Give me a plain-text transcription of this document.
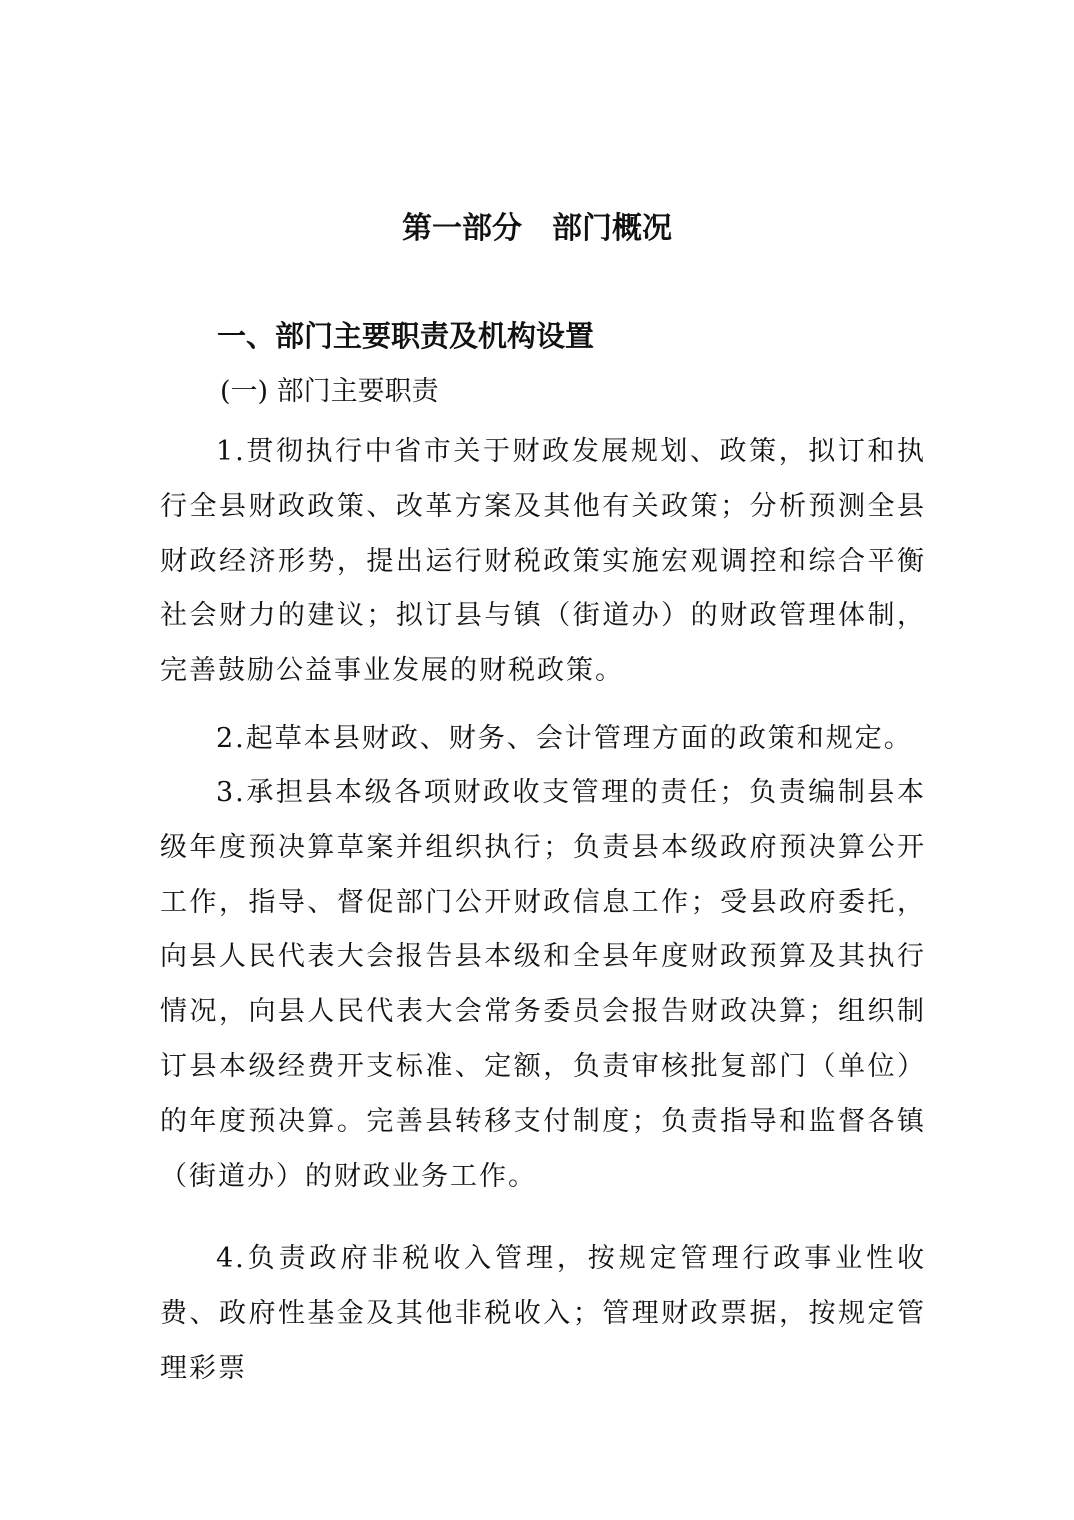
第一部分　部门概况
一、部门主要职责及机构设置
(一) 部门主要职责

1.贯彻执行中省市关于财政发展规划、政策，拟订和执行全县财政政策、改革方案及其他有关政策；分析预测全县财政经济形势，提出运行财税政策实施宏观调控和综合平衡社会财力的建议；拟订县与镇（街道办）的财政管理体制，完善鼓励公益事业发展的财税政策。

2.起草本县财政、财务、会计管理方面的政策和规定。

3.承担县本级各项财政收支管理的责任；负责编制县本级年度预决算草案并组织执行；负责县本级政府预决算公开工作，指导、督促部门公开财政信息工作；受县政府委托，向县人民代表大会报告县本级和全县年度财政预算及其执行情况，向县人民代表大会常务委员会报告财政决算；组织制订县本级经费开支标准、定额，负责审核批复部门（单位）的年度预决算。完善县转移支付制度；负责指导和监督各镇（街道办）的财政业务工作。

4.负责政府非税收入管理，按规定管理行政事业性收费、政府性基金及其他非税收入；管理财政票据，按规定管理彩票
